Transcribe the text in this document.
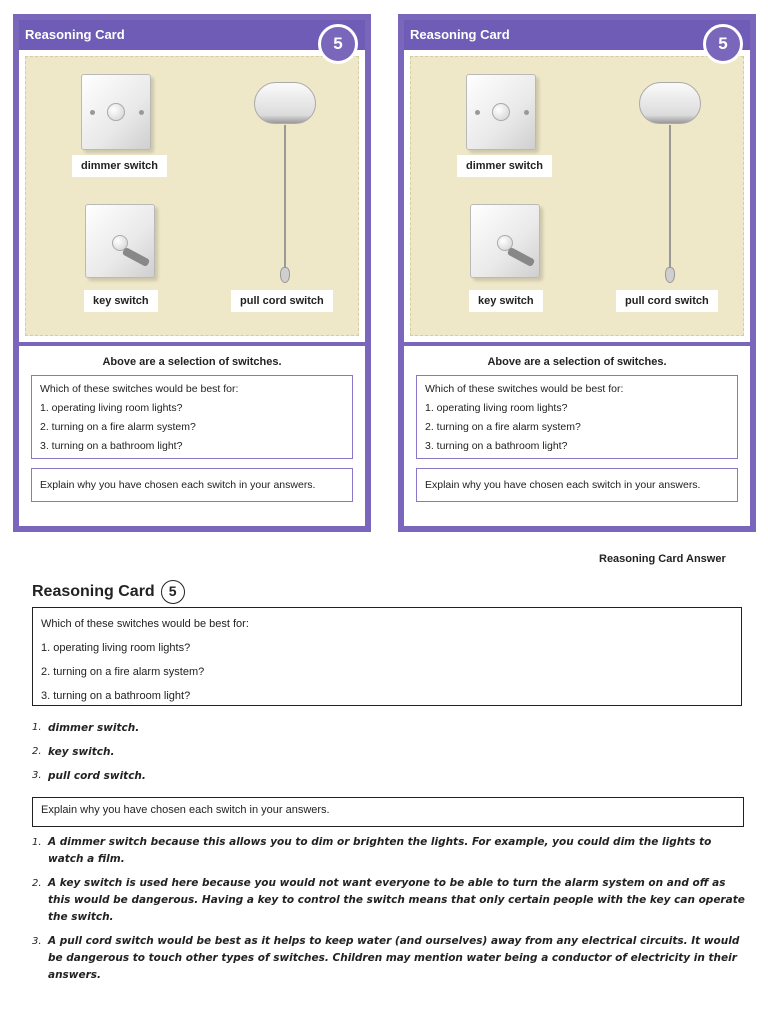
Reasoning Card	5
dimmer switch
key switch	pull cord switch
Above are a selection of switches.
Which of these switches would be best for:
1. operating living room lights?
2. turning on a fire alarm system?
3. turning on a bathroom light?
Explain why you have chosen each switch in your answers.
Reasoning Card	5
dimmer switch
key switch	pull cord switch
Above are a selection of switches.
Which of these switches would be best for:
1. operating living room lights?
2. turning on a fire alarm system?
3. turning on a bathroom light?
Explain why you have chosen each switch in your answers.
Reasoning Card Answer
Reasoning Card	5
Which of these switches would be best for:
1. operating living room lights?
2. turning on a fire alarm system?
3. turning on a bathroom light?
1. dimmer switch.
2. key switch.
3. pull cord switch.
Explain why you have chosen each switch in your answers.
1. A dimmer switch because this allows you to dim or brighten the lights. For example, you could dim the lights to watch a film.
2. A key switch is used here because you would not want everyone to be able to turn the alarm system on and off as this would be dangerous. Having a key to control the switch means that only certain people with the key can operate the switch.
3. A pull cord switch would be best as it helps to keep water (and ourselves) away from any electrical circuits. It would be dangerous to touch other types of switches. Children may mention water being a conductor of electricity in their answers.
